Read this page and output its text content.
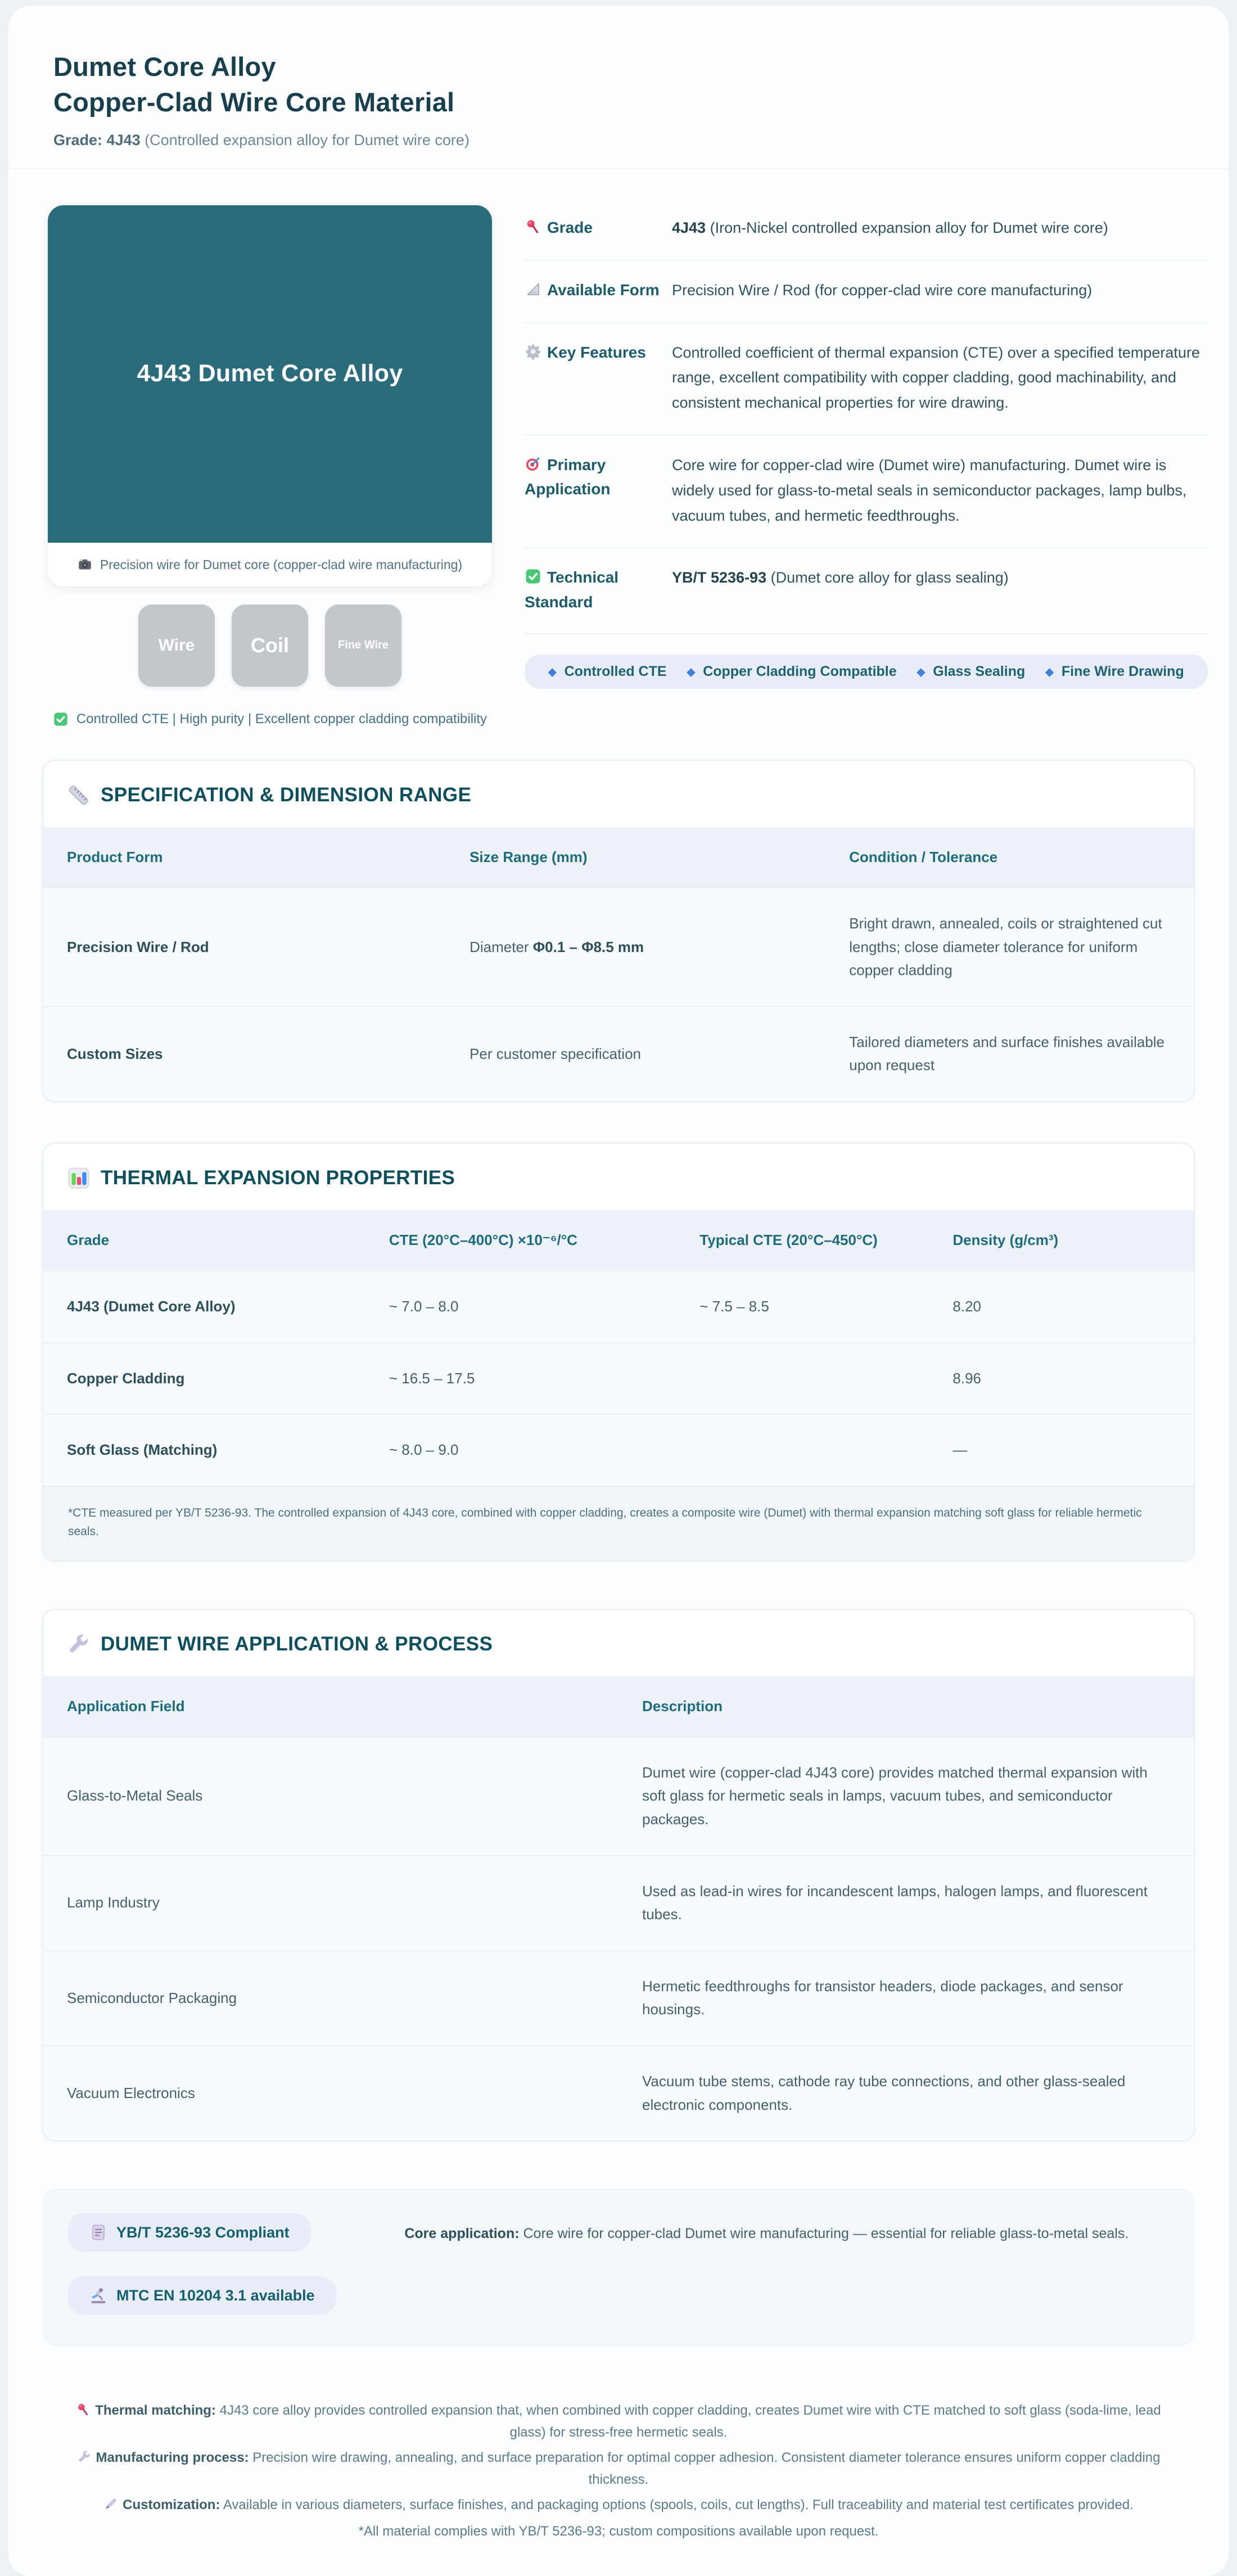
Dumet Core Alloy
Copper-Clad Wire Core Material
Grade: 4J43 (Controlled expansion alloy for Dumet wire core)
4J43 Dumet Core Alloy
Precision wire for Dumet core (copper-clad wire manufacturing)
Wire	Coil	Fine Wire
Controlled CTE | High purity | Excellent copper cladding compatibility
Grade	4J43 (Iron-Nickel controlled expansion alloy for Dumet wire core)
Available Form Precision Wire / Rod (for copper-clad wire core manufacturing)
Key Features	Controlled coefficient of thermal expansion (CTE) over a specified temperature range, excellent compatibility with copper cladding, good machinability, and consistent mechanical properties for wire drawing.
Primary Application
Core wire for copper-clad wire (Dumet wire) manufacturing. Dumet wire is widely used for glass-to-metal seals in semiconductor packages, lamp bulbs, vacuum tubes, and hermetic feedthroughs.
Technical Standard
YB/T 5236-93 (Dumet core alloy for glass sealing)
◆ Controlled CTE	◆ Copper Cladding Compatible	◆ Glass Sealing	◆ Fine Wire Drawing
SPECIFICATION & DIMENSION RANGE
Product Form	Size Range (mm)	Condition / Tolerance
Precision Wire / Rod	Diameter Φ0.1 – Φ8.5 mm	Bright drawn, annealed, coils or straightened cut lengths; close diameter tolerance for uniform copper cladding
Custom Sizes	Per customer specification	Tailored diameters and surface finishes available upon request
THERMAL EXPANSION PROPERTIES
Grade	CTE (20°C–400°C) ×10⁻⁶/°C	Typical CTE (20°C–450°C)	Density (g/cm³)
4J43 (Dumet Core Alloy)	~ 7.0 – 8.0	~ 7.5 – 8.5	8.20
Copper Cladding	~ 16.5 – 17.5		8.96
Soft Glass (Matching)	~ 8.0 – 9.0		—
*CTE measured per YB/T 5236-93. The controlled expansion of 4J43 core, combined with copper cladding, creates a composite wire (Dumet) with thermal expansion matching soft glass for reliable hermetic seals.
DUMET WIRE APPLICATION & PROCESS
Application Field	Description
Glass-to-Metal Seals	Dumet wire (copper-clad 4J43 core) provides matched thermal expansion with soft glass for hermetic seals in lamps, vacuum tubes, and semiconductor packages.
Lamp Industry	Used as lead-in wires for incandescent lamps, halogen lamps, and fluorescent tubes.
Semiconductor Packaging	Hermetic feedthroughs for transistor headers, diode packages, and sensor housings.
Vacuum Electronics	Vacuum tube stems, cathode ray tube connections, and other glass-sealed electronic components.
YB/T 5236-93 Compliant
MTC EN 10204 3.1 available
Core application: Core wire for copper-clad Dumet wire manufacturing — essential for reliable glass-to-metal seals.
Thermal matching: 4J43 core alloy provides controlled expansion that, when combined with copper cladding, creates Dumet wire with CTE matched to soft glass (soda-lime, lead glass) for stress-free hermetic seals.
Manufacturing process: Precision wire drawing, annealing, and surface preparation for optimal copper adhesion. Consistent diameter tolerance ensures uniform copper cladding thickness.
Customization: Available in various diameters, surface finishes, and packaging options (spools, coils, cut lengths). Full traceability and material test certificates provided.
*All material complies with YB/T 5236-93; custom compositions available upon request.
